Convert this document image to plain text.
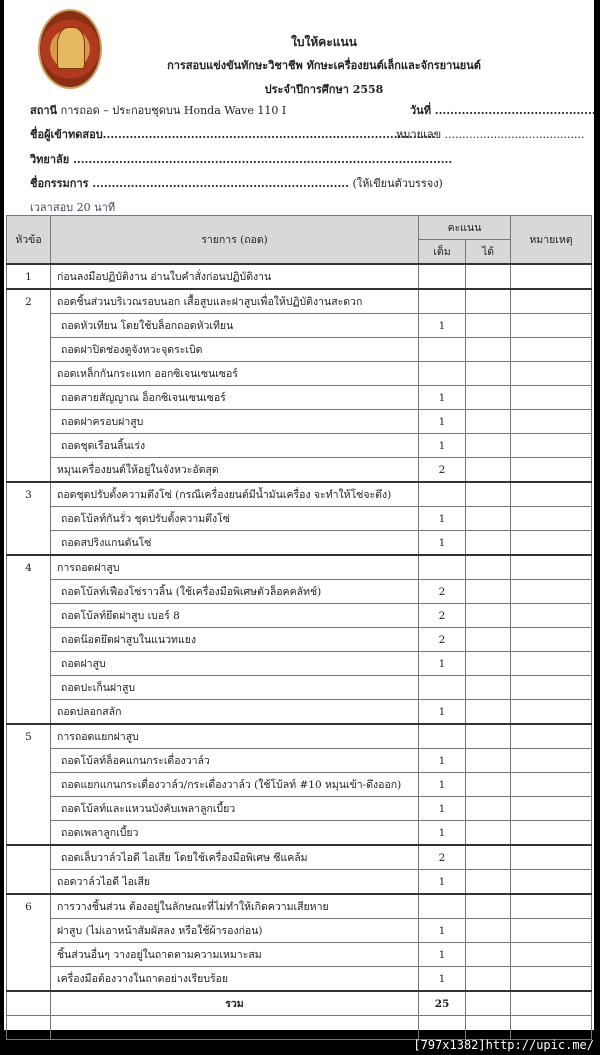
ใบให้คะแนน
การสอบแข่งขันทักษะวิชาชีพ ทักษะเครื่องยนต์เล็กและจักรยานยนต์
ประจำปีการศึกษา 2558
สถานี การถอด – ประกอบชุดบน Honda Wave 110 I	วันที่ ..........................................
ชื่อผู้เข้าทดสอบ.......................................................................................
หมายเลข ........................................
วิทยาลัย ...................................................................................................
ชื่อกรรมการ ................................................................... (ให้เขียนตัวบรรจง)
เวลาสอบ 20 นาที
หัวข้อ	รายการ (ถอด)	คะแนน		หมายเหตุ
		เต็ม	ได้	
1	ก่อนลงมือปฏิบัติงาน อ่านใบคำสั่งก่อนปฏิบัติงาน			
2	ถอดชิ้นส่วนบริเวณรอบนอก เสื้อสูบและฝาสูบเพื่อให้ปฏิบัติงานสะดวก			
	ถอดหัวเทียน โดยใช้บล็อกถอดหัวเทียน	1		
	ถอดฝาปิดช่องดูจังหวะจุดระเบิด			
	ถอดเหล็กกันกระแทก ออกซิเจนเซนเซอร์			
	ถอดสายสัญญาณ อ็อกซิเจนเซนเซอร์	1		
	ถอดฝาครอบฝาสูบ	1		
	ถอดชุดเรือนลิ้นเร่ง	1		
	หมุนเครื่องยนต์ให้อยู่ในจังหวะอัดสุด	2		
3	ถอดชุดปรับตั้งความตึงโซ่ (กรณีเครื่องยนต์มีน้ำมันเครื่อง จะทำให้โซ่จะตึง)			
	ถอดโบ้ลท์กันรั่ว ชุดปรับตั้งความตึงโซ่	1		
	ถอดสปริงแกนดันโซ่	1		
4	การถอดฝาสูบ			
	ถอดโบ้ลท์เฟืองโซ่ราวลิ้น (ใช้เครื่องมือพิเศษตัวล็อคคลัทช์)	2		
	ถอดโบ้ลท์ยึดฝาสูบ เบอร์ 8	2		
	ถอดน๊อตยึดฝาสูบในแนวทแยง	2		
	ถอดฝาสูบ	1		
	ถอดปะเก็นฝาสูบ			
	ถอดปลอกสลัก	1		
5	การถอดแยกฝาสูบ			
	ถอดโบ้ลท์ล็อคแกนกระเดื่องวาล์ว	1		
	ถอดแยกแกนกระเดื่องวาล์ว/กระเดื่องวาล์ว (ใช้โบ้ลท์ #10 หมุนเข้า-ดึงออก)	1		
	ถอดโบ้ลท์และแหวนบังคับเพลาลูกเบี้ยว	1		
	ถอดเพลาลูกเบี้ยว	1		
	ถอดเล็บวาล์วไอดี ไอเสีย โดยใช้เครื่องมือพิเศษ ซีแคล้ม	2		
	ถอดวาล์วไอดี ไอเสีย	1		
6	การวางชิ้นส่วน ต้องอยู่ในลักษณะที่ไม่ทำให้เกิดความเสียหาย			
	ฝาสูบ (ไม่เอาหน้าสัมผัสลง หรือใช้ผ้ารองก่อน)	1		
	ชิ้นส่วนอื่นๆ วางอยู่ในถาดตามความเหมาะสม	1		
	เครื่องมือต้องวางในถาดอย่างเรียบร้อย	1		
	รวม	25		

[797x1382]http://upic.me/
